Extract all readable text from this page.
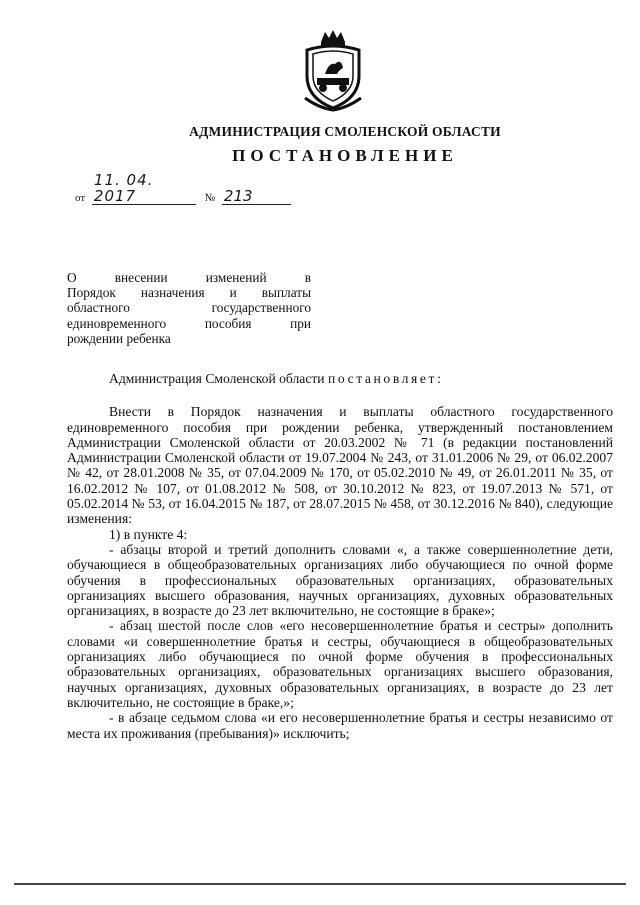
АДМИНИСТРАЦИЯ СМОЛЕНСКОЙ ОБЛАСТИ
ПОСТАНОВЛЕНИЕ
от 11. 04. 2017	№ 213
О внесении изменений в
Порядок назначения и выплаты
областного государственного
единовременного пособия при
рождении ребенка

Администрация Смоленской области постановляет:

Внести в Порядок назначения и выплаты областного государственного единовременного пособия при рождении ребенка, утвержденный постановлением Администрации Смоленской области от 20.03.2002 № 71 (в редакции постановлений Администрации Смоленской области от 19.07.2004 № 243, от 31.01.2006 № 29, от 06.02.2007 № 42, от 28.01.2008 № 35, от 07.04.2009 № 170, от 05.02.2010 № 49, от 26.01.2011 № 35, от 16.02.2012 № 107, от 01.08.2012 № 508, от 30.10.2012 № 823, от 19.07.2013 № 571, от 05.02.2014 № 53, от 16.04.2015 № 187, от 28.07.2015 № 458, от 30.12.2016 № 840), следующие изменения:

1) в пункте 4:

- абзацы второй и третий дополнить словами «, а также совершеннолетние дети, обучающиеся в общеобразовательных организациях либо обучающиеся по очной форме обучения в профессиональных образовательных организациях, образовательных организациях высшего образования, научных организациях, духовных образовательных организациях, в возрасте до 23 лет включительно, не состоящие в браке»;

- абзац шестой после слов «его несовершеннолетние братья и сестры» дополнить словами «и совершеннолетние братья и сестры, обучающиеся в общеобразовательных организациях либо обучающиеся по очной форме обучения в профессиональных образовательных организациях, образовательных организациях высшего образования, научных организациях, духовных образовательных организациях, в возрасте до 23 лет включительно, не состоящие в браке,»;

- в абзаце седьмом слова «и его несовершеннолетние братья и сестры независимо от места их проживания (пребывания)» исключить;
